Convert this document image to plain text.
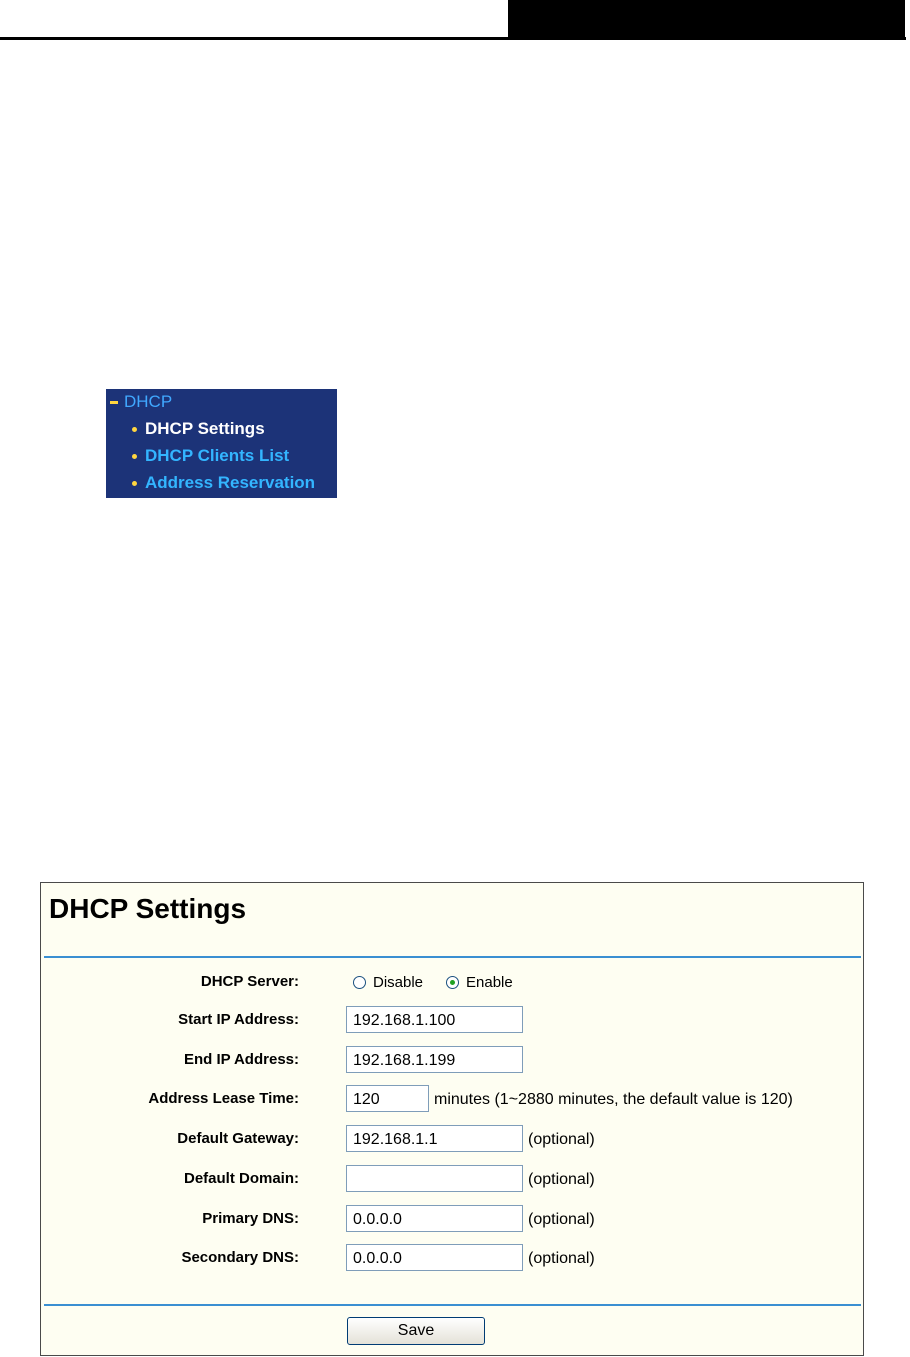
DHCP
DHCP Settings
DHCP Clients List
Address Reservation
DHCP Settings
DHCP Server:	Disable	Enable
Start IP Address:
192.168.1.100
End IP Address:
192.168.1.199
Address Lease Time:
120	minutes (1~2880 minutes, the default value is 120)
Default Gateway:
192.168.1.1	(optional)
Default Domain:	(optional)
Primary DNS:
0.0.0.0	(optional)
Secondary DNS:
0.0.0.0	(optional)
Save
